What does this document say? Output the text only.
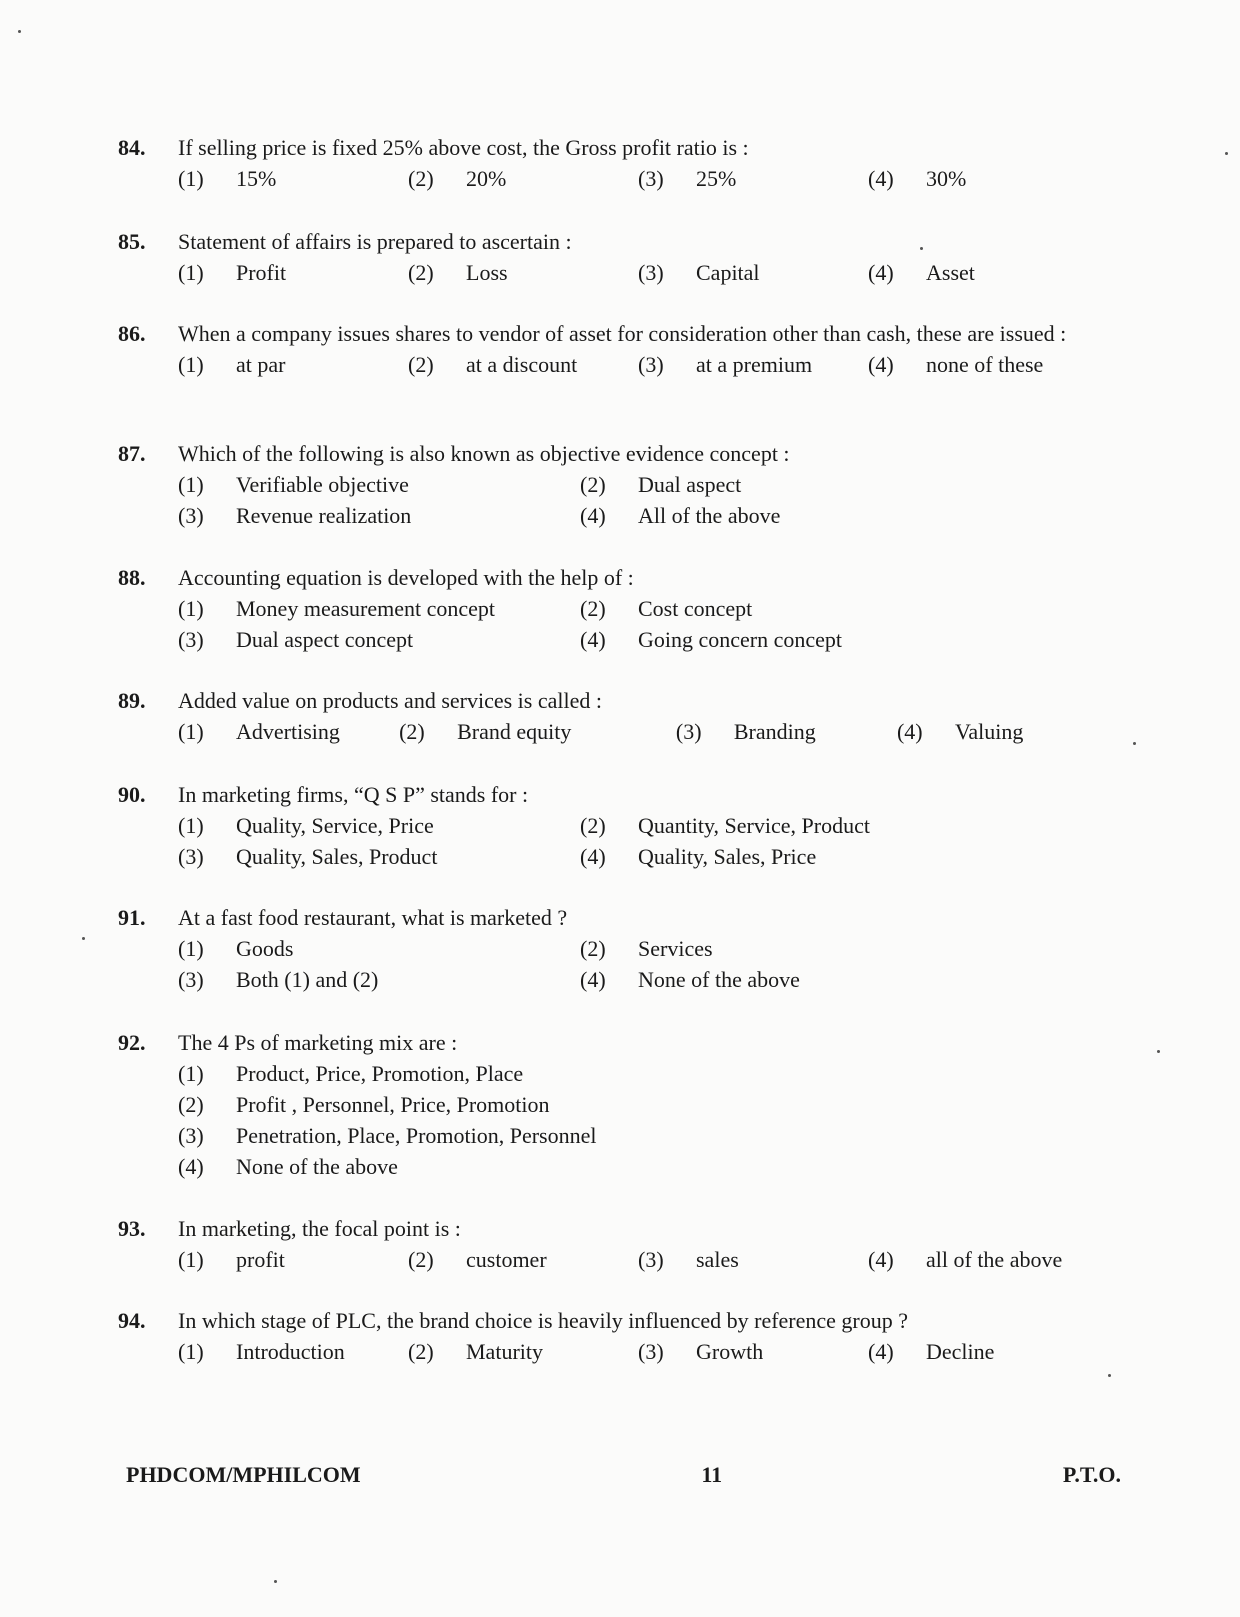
84.	If selling price is fixed 25% above cost, the Gross profit ratio is :
(1)	15%	(2)	20%	(3)	25%	(4)	30%
85.	Statement of affairs is prepared to ascertain :
(1)	Profit	(2)	Loss	(3)	Capital	(4)	Asset
86.	When a company issues shares to vendor of asset for consideration other than cash, these are issued :
(1)	at par	(2)	at a discount	(3)	at a premium	(4)	none of these
87.	Which of the following is also known as objective evidence concept :
(1)	Verifiable objective	(2)	Dual aspect
(3)	Revenue realization	(4)	All of the above
88.	Accounting equation is developed with the help of :
(1)	Money measurement concept	(2)	Cost concept
(3)	Dual aspect concept	(4)	Going concern concept
89.	Added value on products and services is called :
(1)	Advertising	(2)	Brand equity	(3)	Branding	(4)	Valuing
90.	In marketing firms, “Q S P” stands for :
(1)	Quality, Service, Price	(2)	Quantity, Service, Product
(3)	Quality, Sales, Product	(4)	Quality, Sales, Price
91.	At a fast food restaurant, what is marketed ?
(1)	Goods	(2)	Services
(3)	Both (1) and (2)	(4)	None of the above
92.	The 4 Ps of marketing mix are :
(1)	Product, Price, Promotion, Place
(2)	Profit , Personnel, Price, Promotion
(3)	Penetration, Place, Promotion, Personnel
(4)	None of the above
93.	In marketing, the focal point is :
(1)	profit	(2)	customer	(3)	sales	(4)	all of the above
94.	In which stage of PLC, the brand choice is heavily influenced by reference group ?
(1)	Introduction	(2)	Maturity	(3)	Growth	(4)	Decline
PHDCOM/MPHILCOM	11	P.T.O.
